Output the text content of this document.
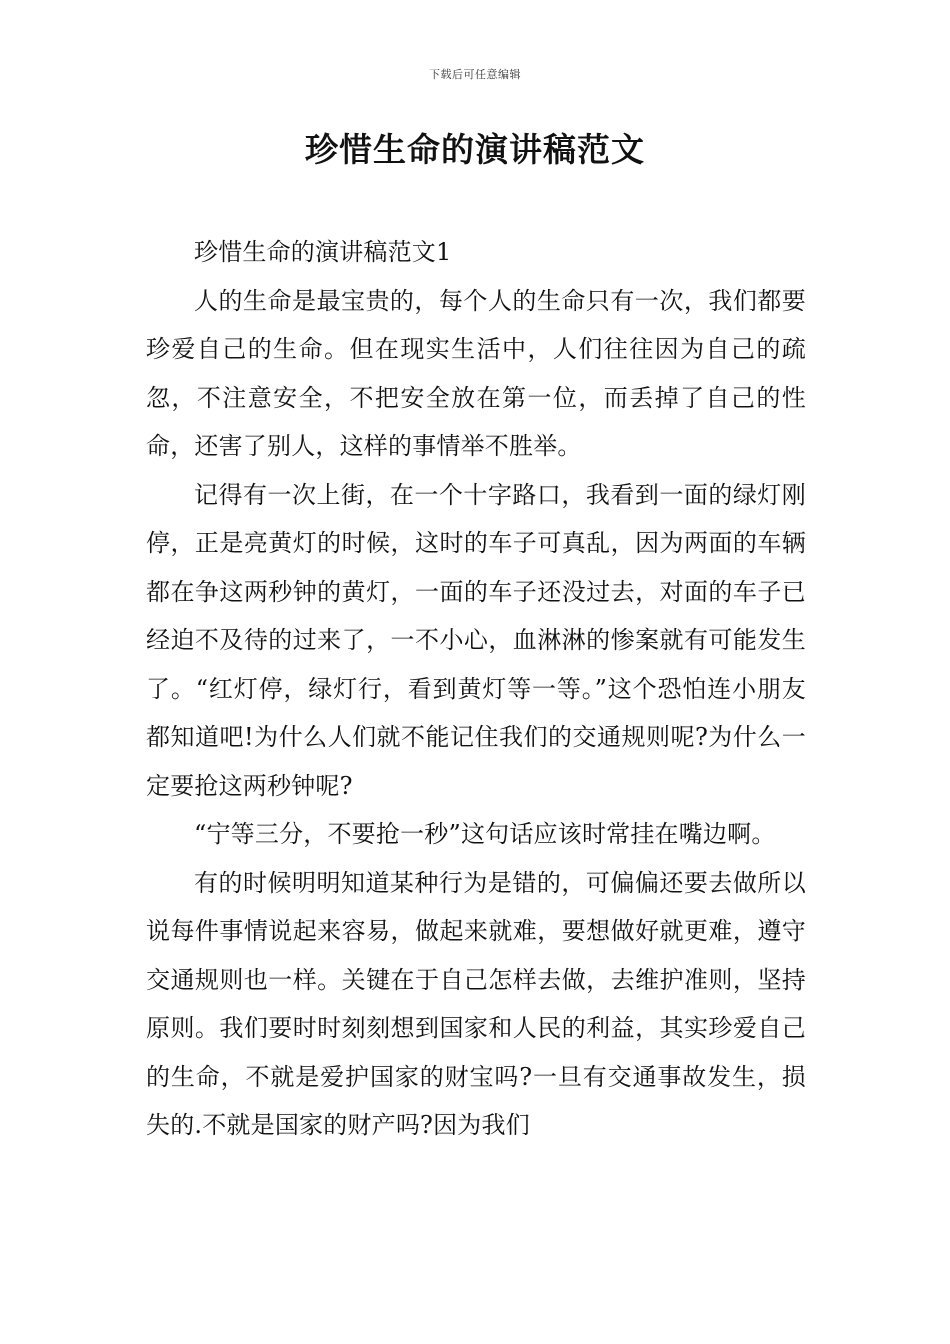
下载后可任意编辑
珍惜生命的演讲稿范文

珍惜生命的演讲稿范文1

人的生命是最宝贵的，每个人的生命只有一次，我们都要珍爱自己的生命。但在现实生活中，人们往往因为自己的疏忽，不注意安全，不把安全放在第一位，而丢掉了自己的性命，还害了别人，这样的事情举不胜举。

记得有一次上街，在一个十字路口，我看到一面的绿灯刚停，正是亮黄灯的时候，这时的车子可真乱，因为两面的车辆都在争这两秒钟的黄灯，一面的车子还没过去，对面的车子已经迫不及待的过来了，一不小心，血淋淋的惨案就有可能发生了。“红灯停，绿灯行，看到黄灯等一等。”这个恐怕连小朋友都知道吧!为什么人们就不能记住我们的交通规则呢?为什么一定要抢这两秒钟呢?

“宁等三分，不要抢一秒”这句话应该时常挂在嘴边啊。

有的时候明明知道某种行为是错的，可偏偏还要去做所以说每件事情说起来容易，做起来就难，要想做好就更难，遵守交通规则也一样。关键在于自己怎样去做，去维护准则，坚持原则。我们要时时刻刻想到国家和人民的利益，其实珍爱自己的生命，不就是爱护国家的财宝吗?一旦有交通事故发生，损失的.不就是国家的财产吗?因为我们
